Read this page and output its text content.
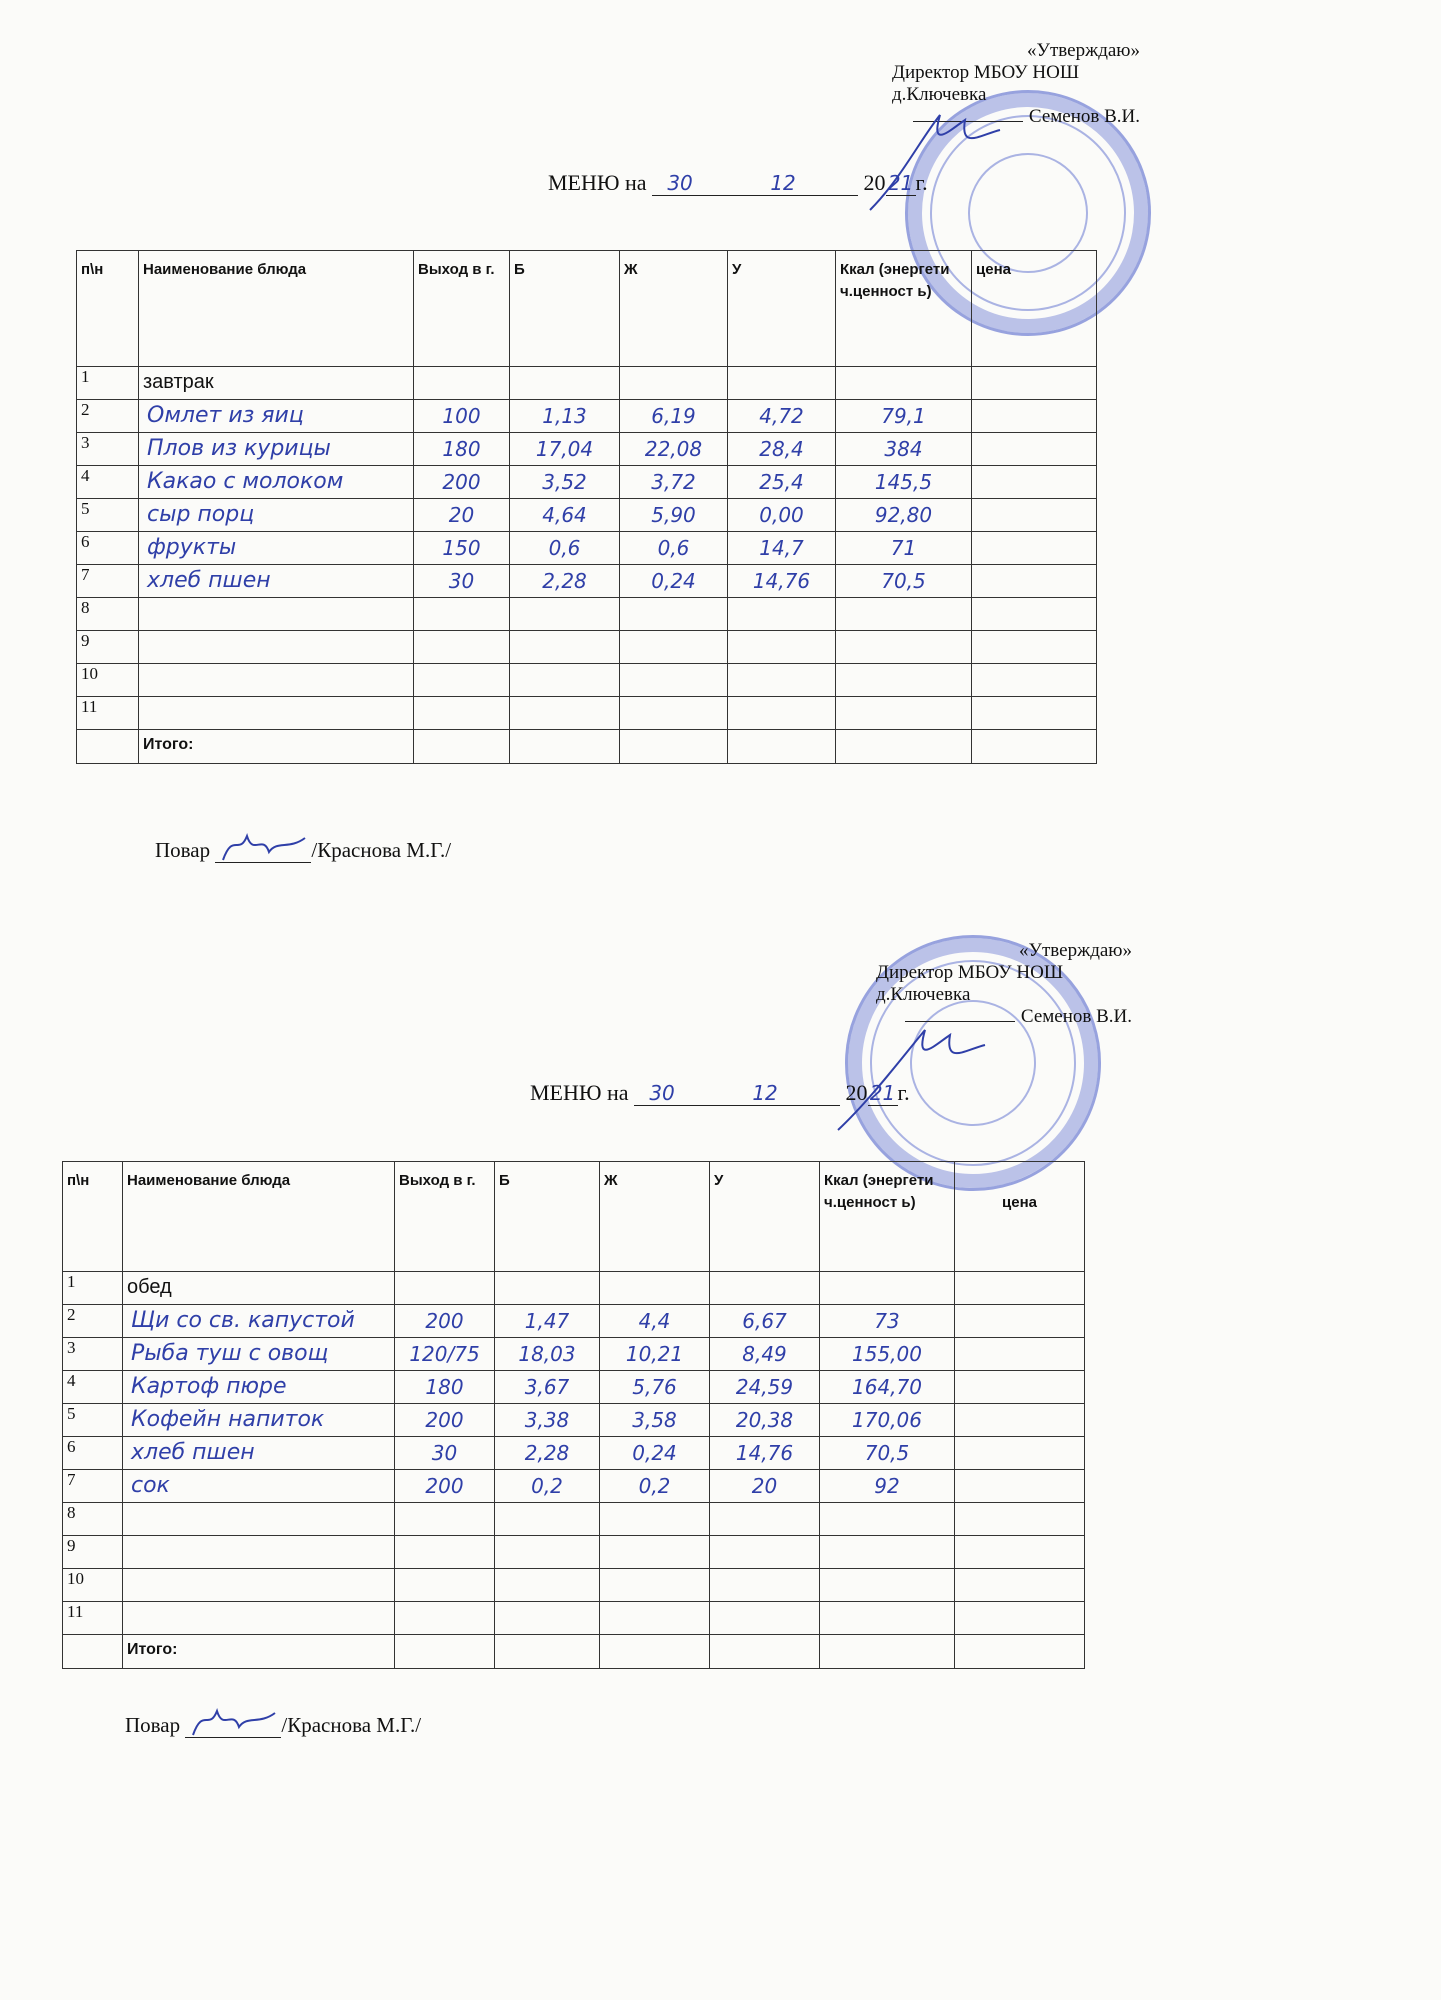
«Утверждаю»
Директор МБОУ НОШ
д.Ключевка
Семенов В.И.
МЕНЮ на 30	12	20 21 г.
п\н	Наименование блюда	Выход в г.	Б	Ж	У	Ккал (энергети ч.ценност ь)	цена
1	завтрак						
2	Омлет из яиц	100	1,13	6,19	4,72	79,1	
3	Плов из курицы	180	17,04	22,08	28,4	384	
4	Какао с молоком	200	3,52	3,72	25,4	145,5	
5	сыр порц	20	4,64	5,90	0,00	92,80	
6	фрукты	150	0,6	0,6	14,7	71	
7	хлеб пшен	30	2,28	0,24	14,76	70,5	
8							
9							
10							
11							
	Итого:						
Повар	/Краснова М.Г./
«Утверждаю»
Директор МБОУ НОШ
д.Ключевка
Семенов В.И.
МЕНЮ на 30	12	20 21 г.
п\н	Наименование блюда	Выход в г.	Б	Ж	У	Ккал (энергети ч.ценност ь)	цена
1	обед						
2	Щи со св. капустой	200	1,47	4,4	6,67	73	
3	Рыба туш с овощ	120/75	18,03	10,21	8,49	155,00	
4	Картоф пюре	180	3,67	5,76	24,59	164,70	
5	Кофейн напиток	200	3,38	3,58	20,38	170,06	
6	хлеб пшен	30	2,28	0,24	14,76	70,5	
7	сок	200	0,2	0,2	20	92	
8							
9							
10							
11							
	Итого:						
Повар	/Краснова М.Г./
